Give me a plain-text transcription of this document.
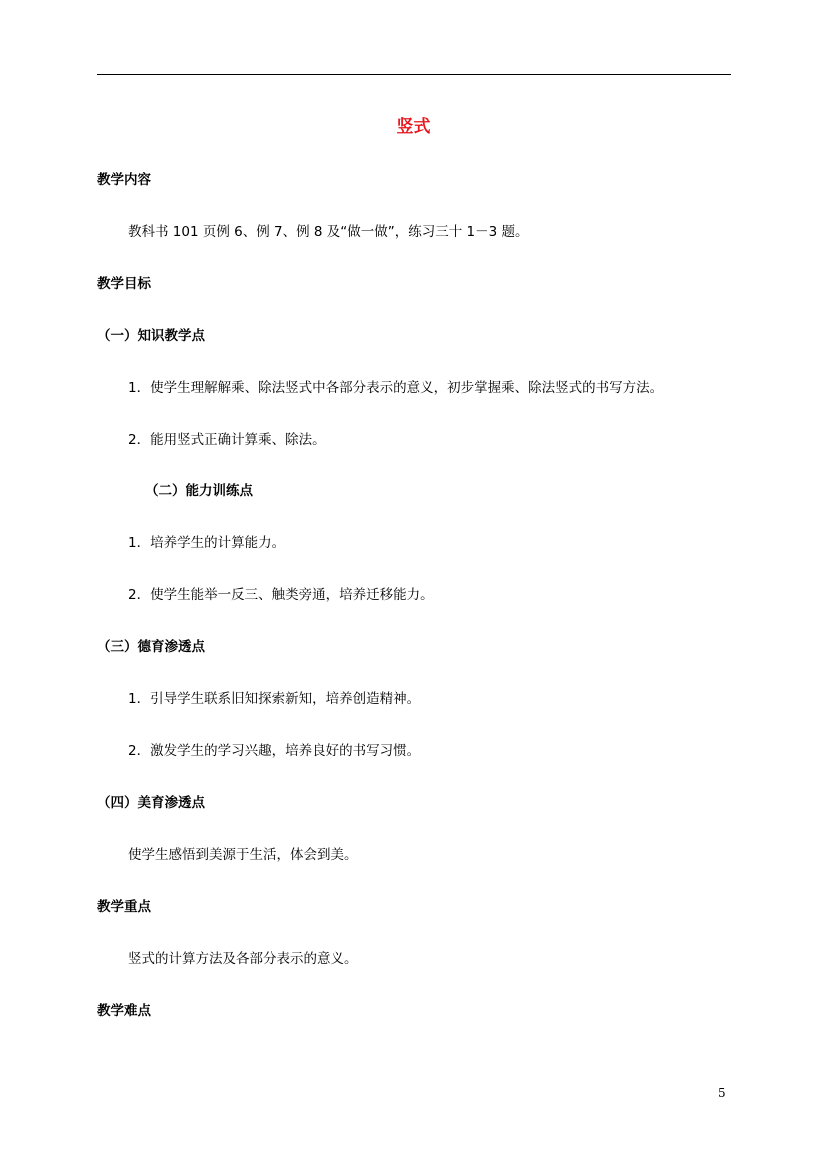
竖式
教学内容
教科书 101 页例 6、例 7、例 8 及“做一做”，练习三十 1－3 题。
教学目标
（一）知识教学点
1．使学生理解解乘、除法竖式中各部分表示的意义，初步掌握乘、除法竖式的书写方法。
2．能用竖式正确计算乘、除法。
（二）能力训练点
1．培养学生的计算能力。
2．使学生能举一反三、触类旁通，培养迁移能力。
（三）德育渗透点
1．引导学生联系旧知探索新知，培养创造精神。
2．激发学生的学习兴趣，培养良好的书写习惯。
（四）美育渗透点
使学生感悟到美源于生活，体会到美。
教学重点
竖式的计算方法及各部分表示的意义。
教学难点
5
